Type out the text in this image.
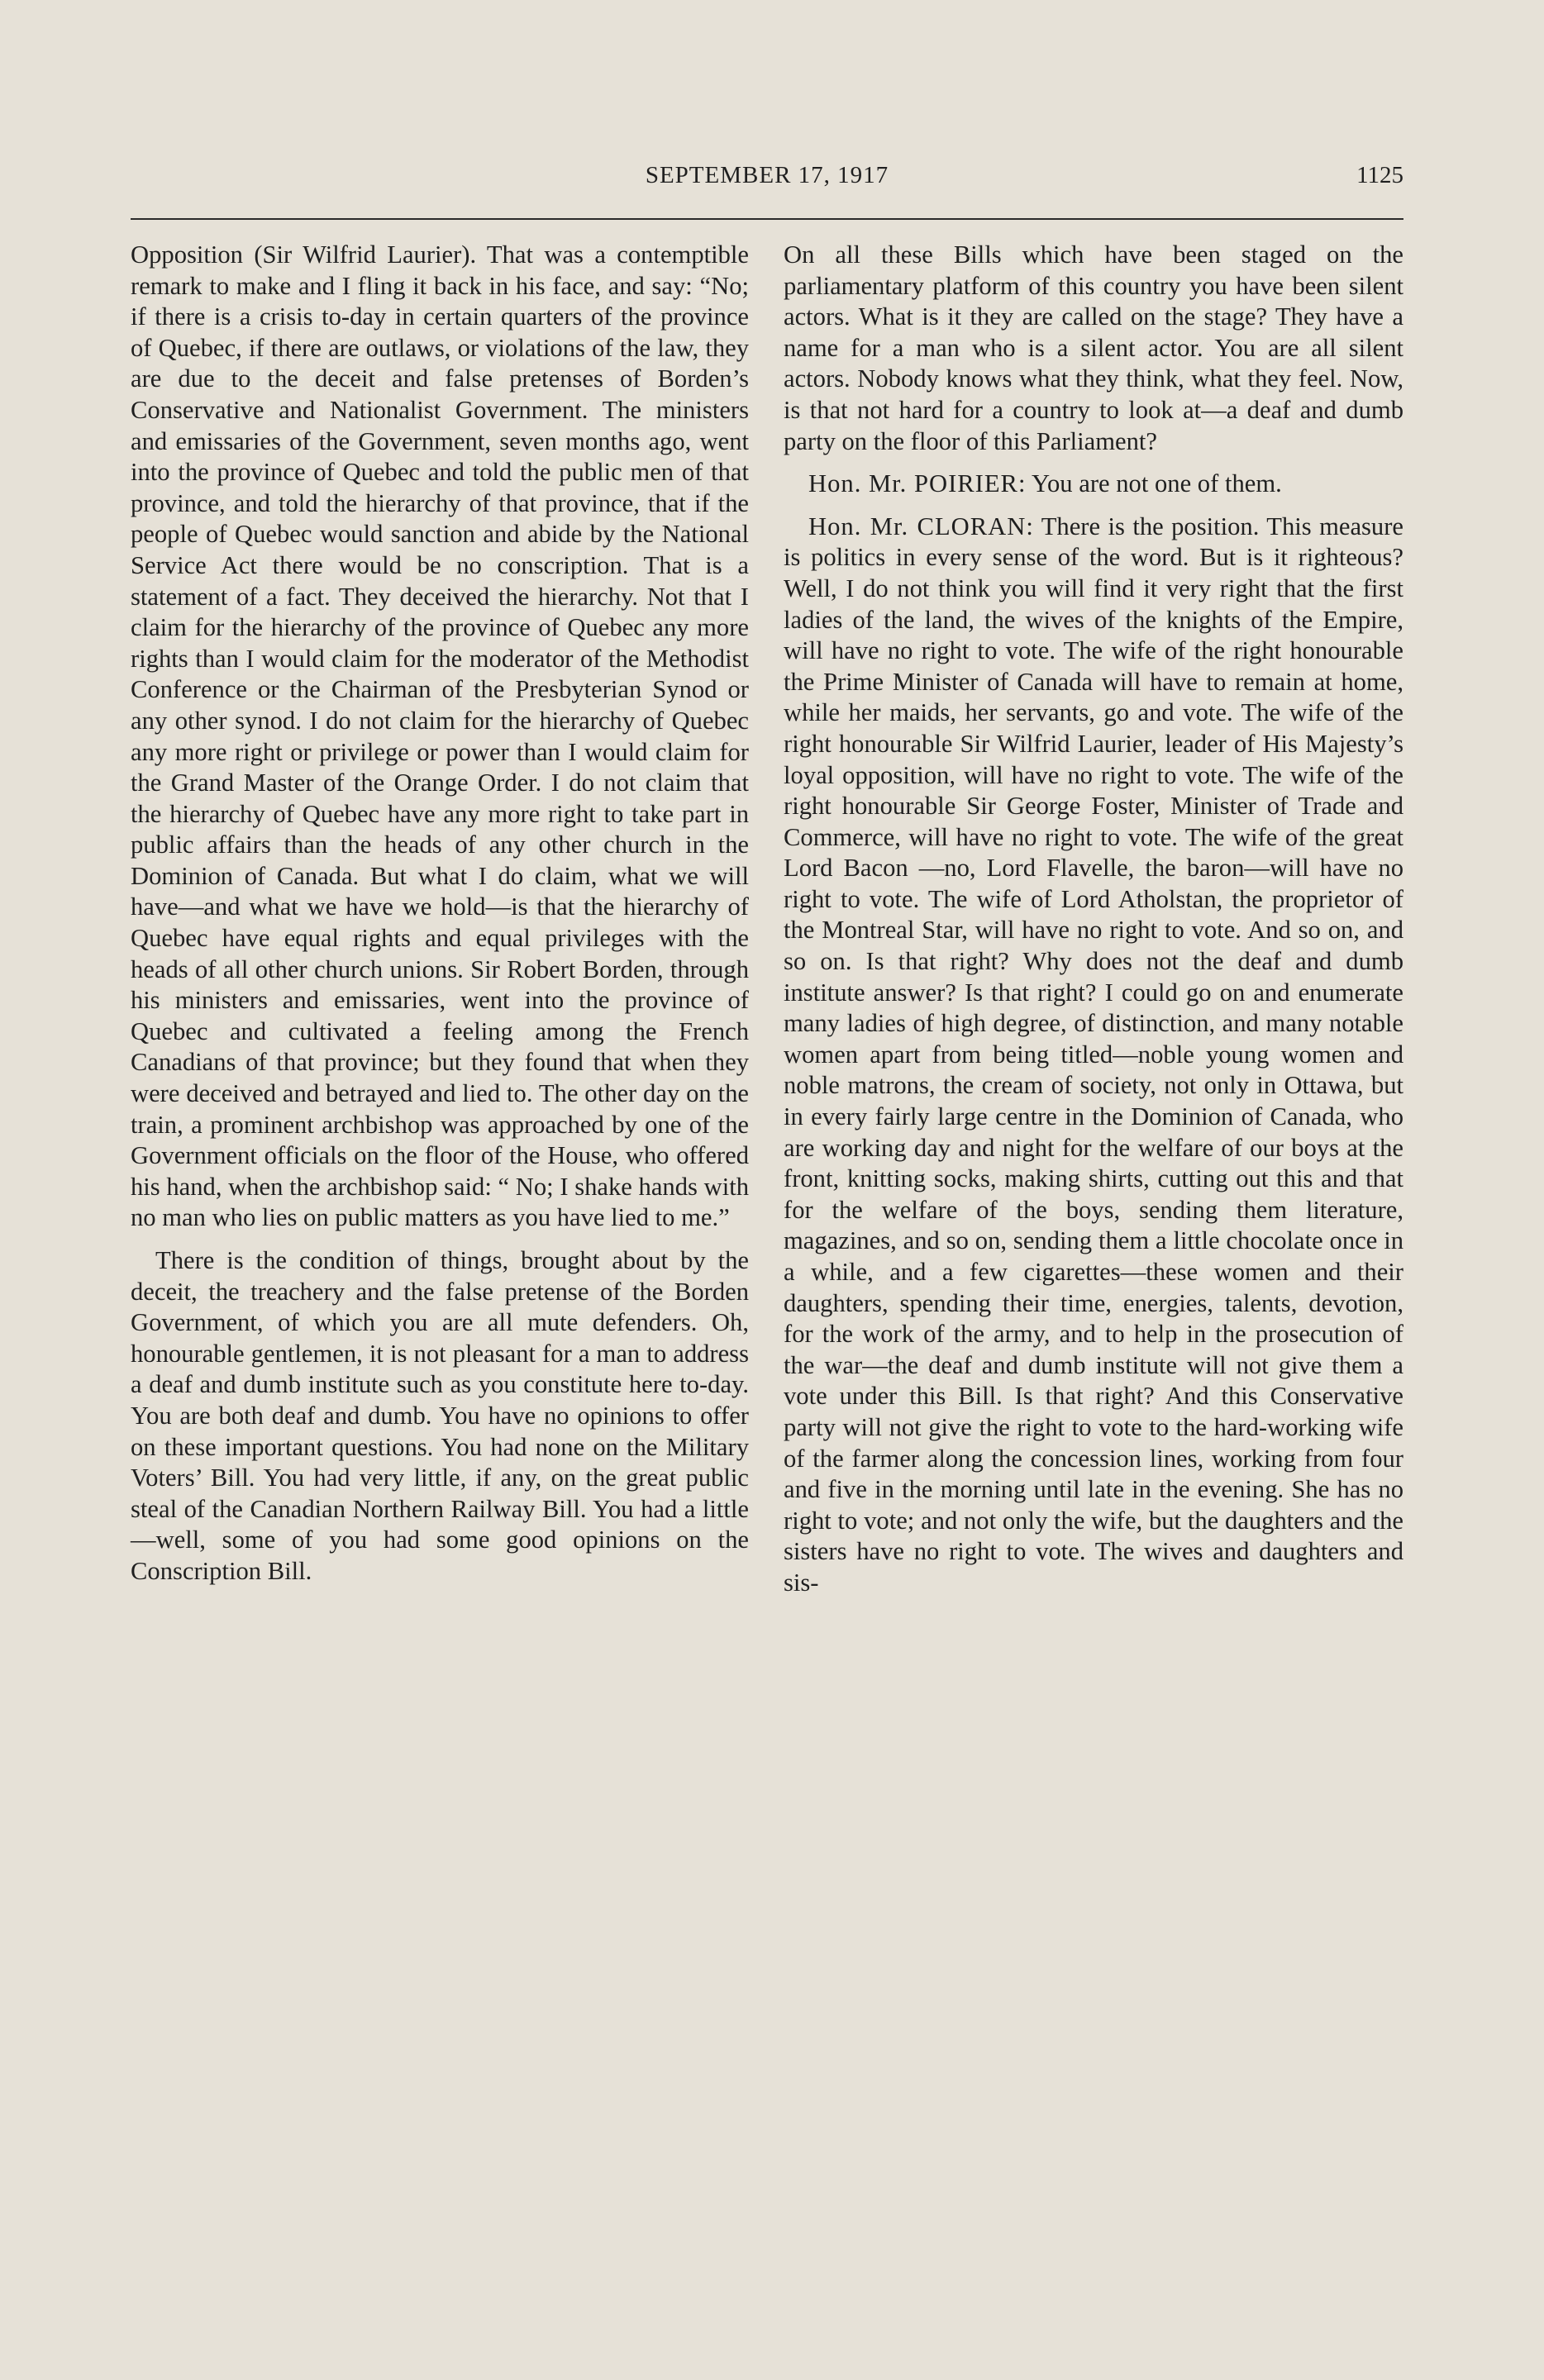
SEPTEMBER 17, 1917	1125

Opposition (Sir Wilfrid Laurier). That was a contemptible remark to make and I fling it back in his face, and say: “No; if there is a crisis to-day in certain quarters of the province of Quebec, if there are outlaws, or violations of the law, they are due to the deceit and false pretenses of Borden’s Conservative and Nationalist Government. The ministers and emissaries of the Government, seven months ago, went into the province of Quebec and told the public men of that province, and told the hierarchy of that province, that if the people of Quebec would sanction and abide by the National Service Act there would be no conscription. That is a statement of a fact. They deceived the hierarchy. Not that I claim for the hierarchy of the province of Quebec any more rights than I would claim for the moderator of the Methodist Conference or the Chairman of the Presbyterian Synod or any other synod. I do not claim for the hierarchy of Quebec any more right or privilege or power than I would claim for the Grand Master of the Orange Order. I do not claim that the hierarchy of Quebec have any more right to take part in public affairs than the heads of any other church in the Dominion of Canada. But what I do claim, what we will have—and what we have we hold—is that the hierarchy of Quebec have equal rights and equal privileges with the heads of all other church unions. Sir Robert Borden, through his ministers and emissaries, went into the province of Quebec and cultivated a feeling among the French Canadians of that province; but they found that when they were deceived and betrayed and lied to. The other day on the train, a prominent archbishop was approached by one of the Government officials on the floor of the House, who offered his hand, when the archbishop said: “ No; I shake hands with no man who lies on public matters as you have lied to me.”

There is the condition of things, brought about by the deceit, the treachery and the false pretense of the Borden Government, of which you are all mute defenders. Oh, honourable gentlemen, it is not pleasant for a man to address a deaf and dumb institute such as you constitute here to-day. You are both deaf and dumb. You have no opinions to offer on these important questions. You had none on the Military Voters’ Bill. You had very little, if any, on the great public steal of the Canadian Northern Railway Bill. You had a little—well, some of you had some good opinions on the Conscription Bill.

On all these Bills which have been staged on the parliamentary platform of this country you have been silent actors. What is it they are called on the stage? They have a name for a man who is a silent actor. You are all silent actors. Nobody knows what they think, what they feel. Now, is that not hard for a country to look at—a deaf and dumb party on the floor of this Parliament?

Hon. Mr. POIRIER: You are not one of them.

Hon. Mr. CLORAN: There is the position. This measure is politics in every sense of the word. But is it righteous? Well, I do not think you will find it very right that the first ladies of the land, the wives of the knights of the Empire, will have no right to vote. The wife of the right honourable the Prime Minister of Canada will have to remain at home, while her maids, her servants, go and vote. The wife of the right honourable Sir Wilfrid Laurier, leader of His Majesty’s loyal opposition, will have no right to vote. The wife of the right honourable Sir George Foster, Minister of Trade and Commerce, will have no right to vote. The wife of the great Lord Bacon —no, Lord Flavelle, the baron—will have no right to vote. The wife of Lord Atholstan, the proprietor of the Montreal Star, will have no right to vote. And so on, and so on. Is that right? Why does not the deaf and dumb institute answer? Is that right? I could go on and enumerate many ladies of high degree, of distinction, and many notable women apart from being titled—noble young women and noble matrons, the cream of society, not only in Ottawa, but in every fairly large centre in the Dominion of Canada, who are working day and night for the welfare of our boys at the front, knitting socks, making shirts, cutting out this and that for the welfare of the boys, sending them literature, magazines, and so on, sending them a little chocolate once in a while, and a few cigarettes—these women and their daughters, spending their time, energies, talents, devotion, for the work of the army, and to help in the prosecution of the war—the deaf and dumb institute will not give them a vote under this Bill. Is that right? And this Conservative party will not give the right to vote to the hard-working wife of the farmer along the concession lines, working from four and five in the morning until late in the evening. She has no right to vote; and not only the wife, but the daughters and the sisters have no right to vote. The wives and daughters and sis-
